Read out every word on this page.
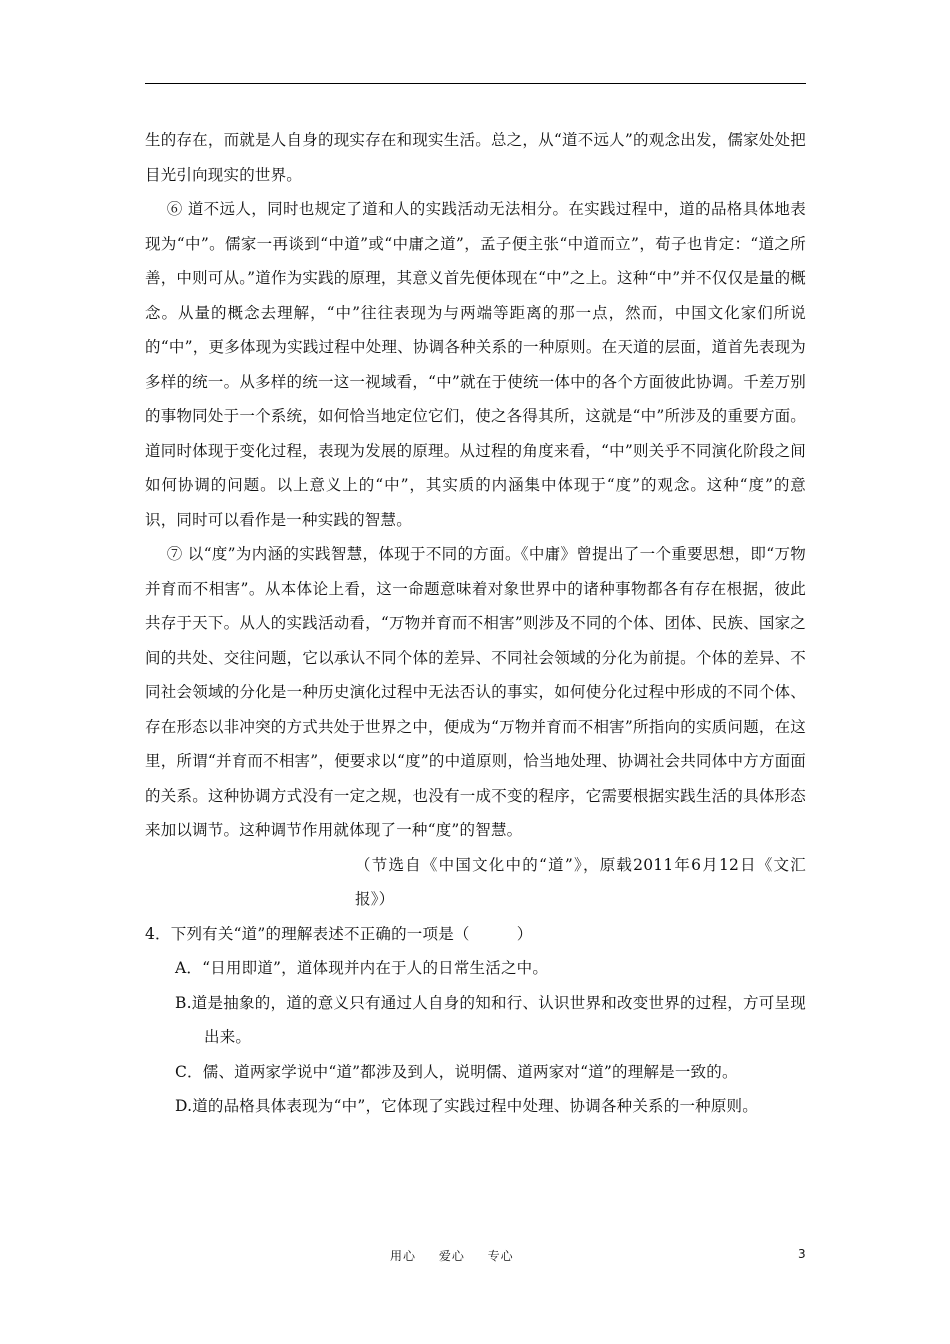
生的存在，而就是人自身的现实存在和现实生活。总之，从“道不远人”的观念出发，儒家处处把目光引向现实的世界。

⑥ 道不远人，同时也规定了道和人的实践活动无法相分。在实践过程中，道的品格具体地表现为“中”。儒家一再谈到“中道”或“中庸之道”，孟子便主张“中道而立”，荀子也肯定：“道之所善，中则可从。”道作为实践的原理，其意义首先便体现在“中”之上。这种“中”并不仅仅是量的概念。从量的概念去理解，“中”往往表现为与两端等距离的那一点，然而，中国文化家们所说的“中”，更多体现为实践过程中处理、协调各种关系的一种原则。在天道的层面，道首先表现为多样的统一。从多样的统一这一视域看，“中”就在于使统一体中的各个方面彼此协调。千差万别的事物同处于一个系统，如何恰当地定位它们，使之各得其所，这就是“中”所涉及的重要方面。道同时体现于变化过程，表现为发展的原理。从过程的角度来看，“中”则关乎不同演化阶段之间如何协调的问题。以上意义上的“中”，其实质的内涵集中体现于“度”的观念。这种“度”的意识，同时可以看作是一种实践的智慧。

⑦ 以“度”为内涵的实践智慧，体现于不同的方面。《中庸》曾提出了一个重要思想，即“万物并育而不相害”。从本体论上看，这一命题意味着对象世界中的诸种事物都各有存在根据，彼此共存于天下。从人的实践活动看，“万物并育而不相害”则涉及不同的个体、团体、民族、国家之间的共处、交往问题，它以承认不同个体的差异、不同社会领域的分化为前提。个体的差异、不同社会领域的分化是一种历史演化过程中无法否认的事实，如何使分化过程中形成的不同个体、存在形态以非冲突的方式共处于世界之中，便成为“万物并育而不相害”所指向的实质问题，在这里，所谓“并育而不相害”，便要求以“度”的中道原则，恰当地处理、协调社会共同体中方方面面的关系。这种协调方式没有一定之规，也没有一成不变的程序，它需要根据实践生活的具体形态来加以调节。这种调节作用就体现了一种“度”的智慧。

（节选自《中国文化中的“道”》，原载2011年6月12日《文汇报》）

4．下列有关“道”的理解表述不正确的一项是（　　　）

A．“日用即道”，道体现并内在于人的日常生活之中。

B.道是抽象的，道的意义只有通过人自身的知和行、认识世界和改变世界的过程，方可呈现出来。

C．儒、道两家学说中“道”都涉及到人，说明儒、道两家对“道”的理解是一致的。

D.道的品格具体表现为“中”，它体现了实践过程中处理、协调各种关系的一种原则。

用心 爱心 专心	3
